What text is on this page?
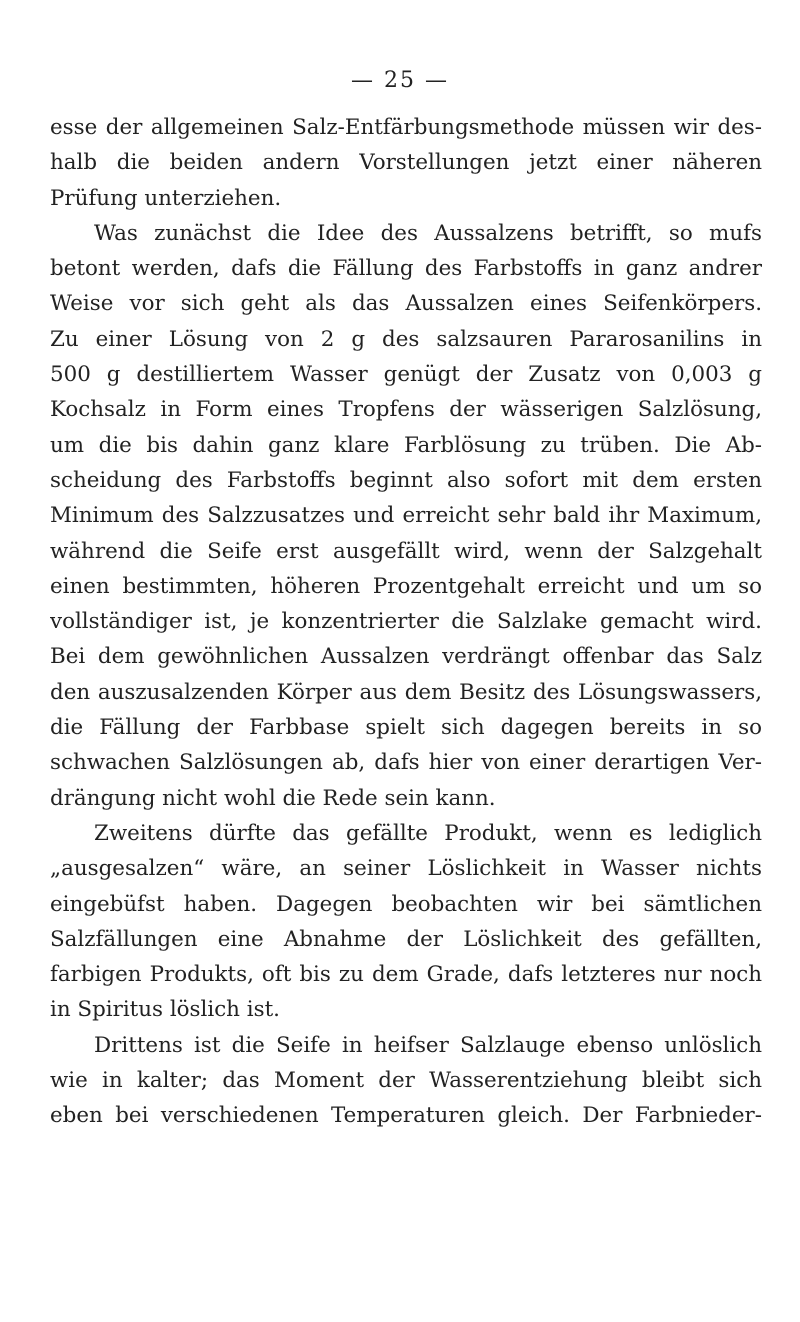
— 25 —
esse der allgemeinen Salz-Entfärbungsmethode müssen wir des-
halb die beiden andern Vorstellungen jetzt einer näheren
Prüfung unterziehen.
Was zunächst die Idee des Aussalzens betrifft, so mufs
betont werden, dafs die Fällung des Farbstoffs in ganz andrer
Weise vor sich geht als das Aussalzen eines Seifenkörpers.
Zu einer Lösung von 2 g des salzsauren Pararosanilins in
500 g destilliertem Wasser genügt der Zusatz von 0,003 g
Kochsalz in Form eines Tropfens der wässerigen Salzlösung,
um die bis dahin ganz klare Farblösung zu trüben. Die Ab-
scheidung des Farbstoffs beginnt also sofort mit dem ersten
Minimum des Salzzusatzes und erreicht sehr bald ihr Maximum,
während die Seife erst ausgefällt wird, wenn der Salzgehalt
einen bestimmten, höheren Prozentgehalt erreicht und um so
vollständiger ist, je konzentrierter die Salzlake gemacht wird.
Bei dem gewöhnlichen Aussalzen verdrängt offenbar das Salz
den auszusalzenden Körper aus dem Besitz des Lösungswassers,
die Fällung der Farbbase spielt sich dagegen bereits in so
schwachen Salzlösungen ab, dafs hier von einer derartigen Ver-
drängung nicht wohl die Rede sein kann.
Zweitens dürfte das gefällte Produkt, wenn es lediglich
„ausgesalzen“ wäre, an seiner Löslichkeit in Wasser nichts
eingebüfst haben. Dagegen beobachten wir bei sämtlichen
Salzfällungen eine Abnahme der Löslichkeit des gefällten,
farbigen Produkts, oft bis zu dem Grade, dafs letzteres nur noch
in Spiritus löslich ist.
Drittens ist die Seife in heifser Salzlauge ebenso unlöslich
wie in kalter; das Moment der Wasserentziehung bleibt sich
eben bei verschiedenen Temperaturen gleich. Der Farbnieder-
